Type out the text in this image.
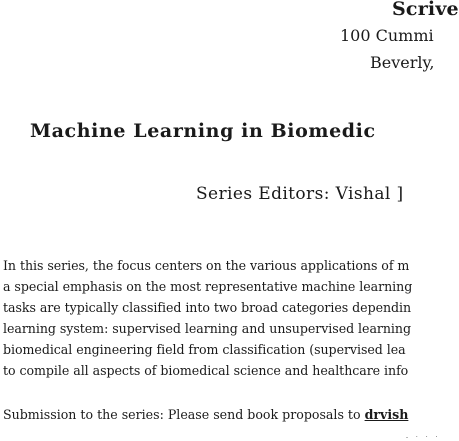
Scrive

100 Cummi

Beverly,

Machine Learning in Biomedic

Series Editors: Vishal ]

In this series, the focus centers on the various applications of m

a special emphasis on the most representative machine learning

tasks are typically classified into two broad categories dependin

learning system: supervised learning and unsupervised learning

biomedical engineering field from classification (supervised lea

to compile all aspects of biomedical science and healthcare info

Submission to the series: Please send book proposals to drvish

- · · ·
